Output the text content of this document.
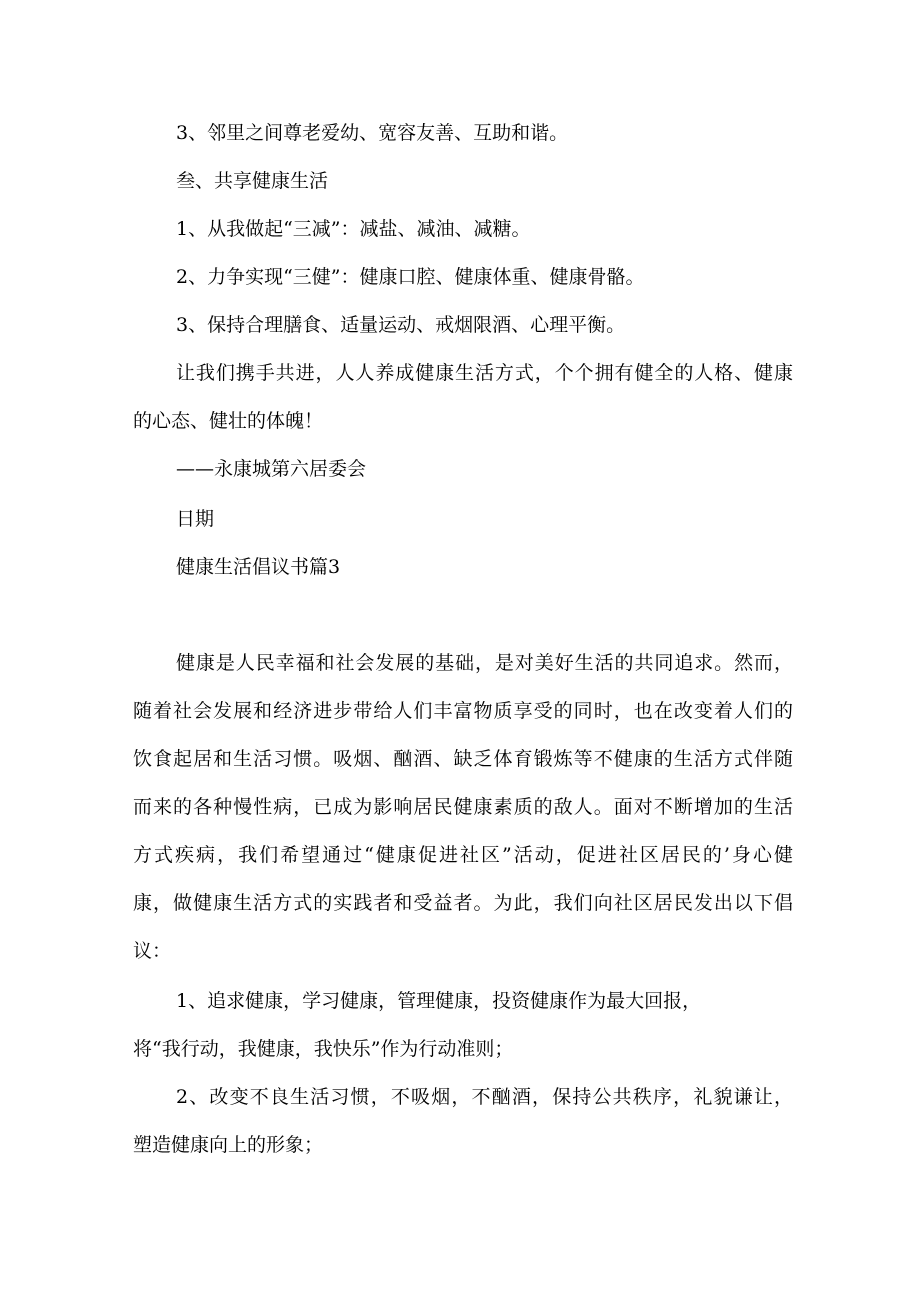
3、邻里之间尊老爱幼、宽容友善、互助和谐。

叁、共享健康生活

1、从我做起“三减”：减盐、减油、减糖。

2、力争实现“三健”：健康口腔、健康体重、健康骨骼。

3、保持合理膳食、适量运动、戒烟限酒、心理平衡。

让我们携手共进，人人养成健康生活方式，个个拥有健全的人格、健康

的心态、健壮的体魄！

——永康城第六居委会

日期

健康生活倡议书篇3

健康是人民幸福和社会发展的基础，是对美好生活的共同追求。然而，

随着社会发展和经济进步带给人们丰富物质享受的同时，也在改变着人们的

饮食起居和生活习惯。吸烟、酗酒、缺乏体育锻炼等不健康的生活方式伴随

而来的各种慢性病，已成为影响居民健康素质的敌人。面对不断增加的生活

方式疾病，我们希望通过“健康促进社区”活动，促进社区居民的’身心健

康，做健康生活方式的实践者和受益者。为此，我们向社区居民发出以下倡

议：

1、追求健康，学习健康，管理健康，投资健康作为最大回报，

将“我行动，我健康，我快乐”作为行动准则；

2、改变不良生活习惯，不吸烟，不酗酒，保持公共秩序，礼貌谦让，

塑造健康向上的形象；
